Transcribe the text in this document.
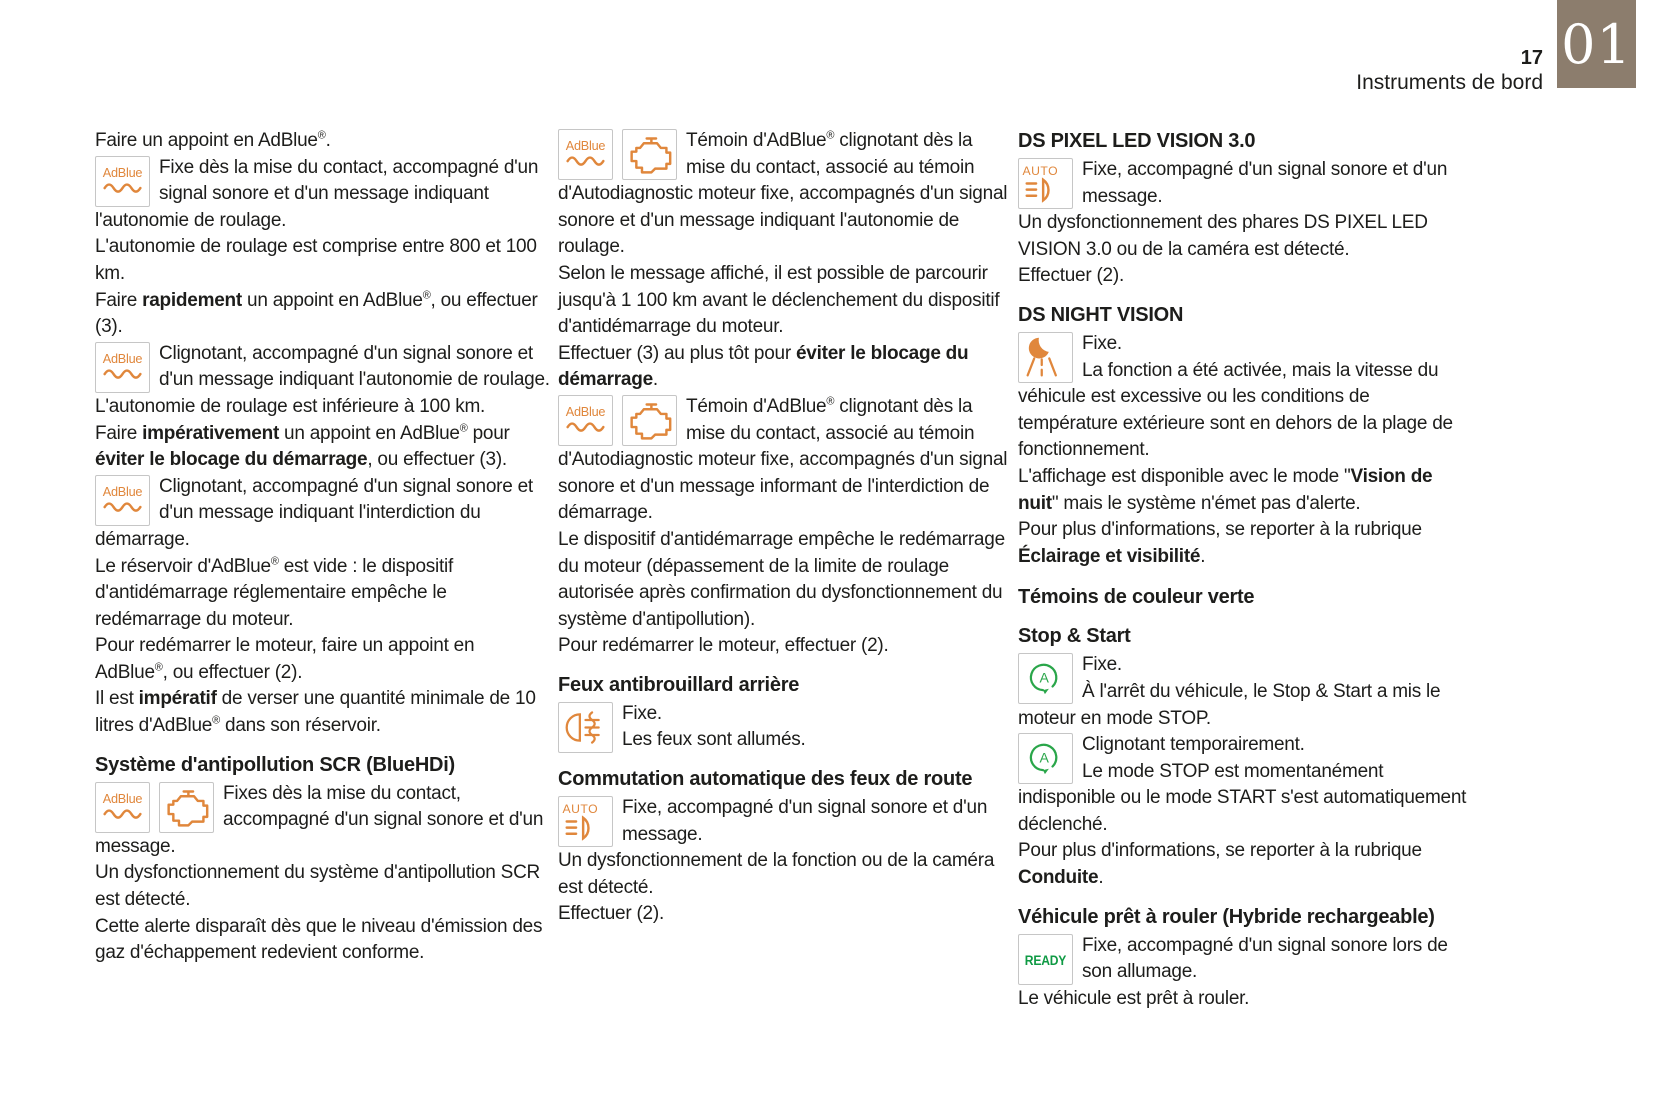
01
17
Instruments de bord
Faire un appoint en AdBlue®.
AdBlue Fixe dès la mise du contact, accompagné d'un signal sonore et d'un message indiquant l'autonomie de roulage.
L'autonomie de roulage est comprise entre 800 et 100 km.
Faire rapidement un appoint en AdBlue®, ou effectuer (3).
AdBlue Clignotant, accompagné d'un signal sonore et d'un message indiquant l'autonomie de roulage.
L'autonomie de roulage est inférieure à 100 km.
Faire impérativement un appoint en AdBlue® pour éviter le blocage du démarrage, ou effectuer (3).
AdBlue Clignotant, accompagné d'un signal sonore et d'un message indiquant l'interdiction du démarrage.
Le réservoir d'AdBlue® est vide : le dispositif d'antidémarrage réglementaire empêche le redémarrage du moteur.
Pour redémarrer le moteur, faire un appoint en AdBlue®, ou effectuer (2).
Il est impératif de verser une quantité minimale de 10 litres d'AdBlue® dans son réservoir.
Système d'antipollution SCR (BlueHDi)
AdBlue	Fixes dès la mise du contact, accompagné d'un signal sonore et d'un message.
Un dysfonctionnement du système d'antipollution SCR est détecté.
Cette alerte disparaît dès que le niveau d'émission des gaz d'échappement redevient conforme.
AdBlue	Témoin d'AdBlue® clignotant dès la mise du contact, associé au témoin d'Autodiagnostic moteur fixe, accompagnés d'un signal sonore et d'un message indiquant l'autonomie de roulage.
Selon le message affiché, il est possible de parcourir jusqu'à 1 100 km avant le déclenchement du dispositif d'antidémarrage du moteur.
Effectuer (3) au plus tôt pour éviter le blocage du démarrage.
AdBlue	Témoin d'AdBlue® clignotant dès la mise du contact, associé au témoin d'Autodiagnostic moteur fixe, accompagnés d'un signal sonore et d'un message informant de l'interdiction de démarrage.
Le dispositif d'antidémarrage empêche le redémarrage du moteur (dépassement de la limite de roulage autorisée après confirmation du dysfonctionnement du système d'antipollution).
Pour redémarrer le moteur, effectuer (2).
Feux antibrouillard arrière
Fixe.
Les feux sont allumés.
Commutation automatique des feux de route
AUTO Fixe, accompagné d'un signal sonore et d'un message.
Un dysfonctionnement de la fonction ou de la caméra est détecté.
Effectuer (2).
DS PIXEL LED VISION 3.0
AUTO Fixe, accompagné d'un signal sonore et d'un message.
Un dysfonctionnement des phares DS PIXEL LED VISION 3.0 ou de la caméra est détecté.
Effectuer (2).
DS NIGHT VISION
Fixe.
La fonction a été activée, mais la vitesse du véhicule est excessive ou les conditions de température extérieure sont en dehors de la plage de fonctionnement.
L'affichage est disponible avec le mode "Vision de nuit" mais le système n'émet pas d'alerte.
Pour plus d'informations, se reporter à la rubrique Éclairage et visibilité.
Témoins de couleur verte
Stop & Start
A
Fixe.
À l'arrêt du véhicule, le Stop & Start a mis le moteur en mode STOP.
A
Clignotant temporairement.
Le mode STOP est momentanément indisponible ou le mode START s'est automatiquement déclenché.
Pour plus d'informations, se reporter à la rubrique Conduite.
Véhicule prêt à rouler (Hybride rechargeable)
READY
Fixe, accompagné d'un signal sonore lors de son allumage.
Le véhicule est prêt à rouler.
